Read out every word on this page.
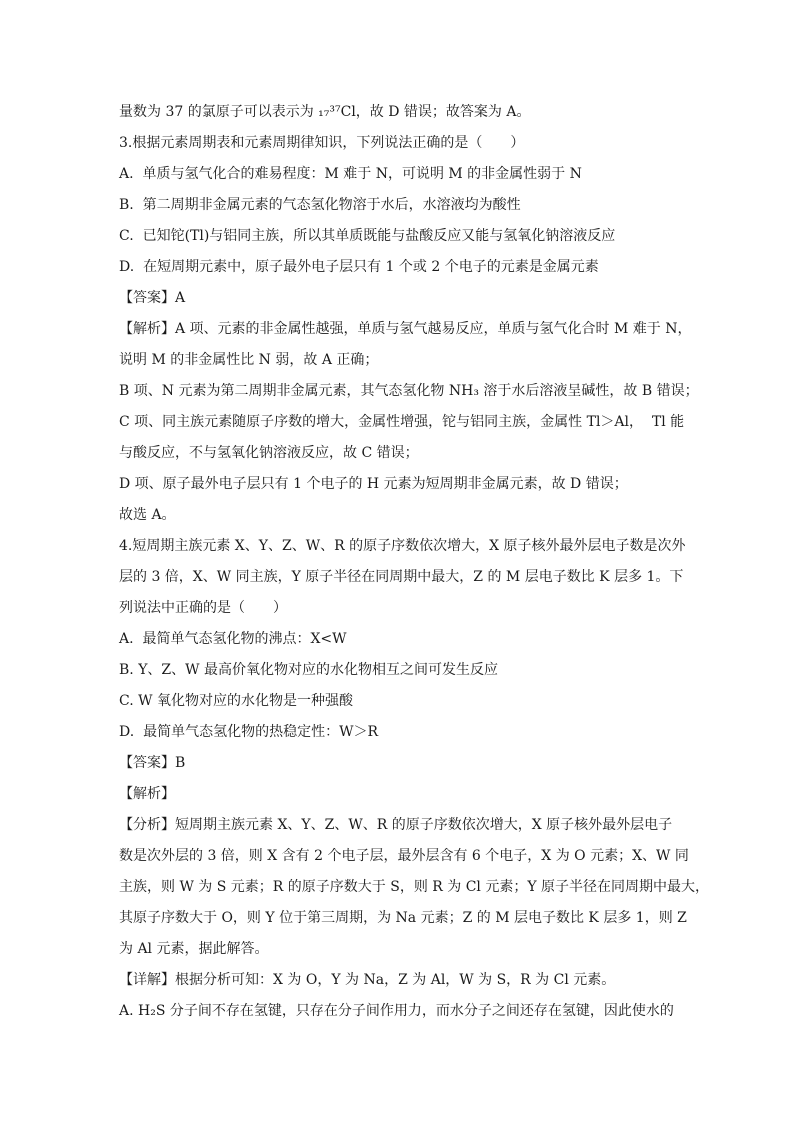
量数为 37 的氯原子可以表示为 ₁₇³⁷Cl，故 D 错误；故答案为 A。
3.根据元素周期表和元素周期律知识，下列说法正确的是（　　）
A.  单质与氢气化合的难易程度：M 难于 N，可说明 M 的非金属性弱于 N
B.  第二周期非金属元素的气态氢化物溶于水后，水溶液均为酸性
C.  已知铊(Tl)与铝同主族，所以其单质既能与盐酸反应又能与氢氧化钠溶液反应
D.  在短周期元素中，原子最外电子层只有 1 个或 2 个电子的元素是金属元素
【答案】A
【解析】A 项、元素的非金属性越强，单质与氢气越易反应，单质与氢气化合时 M 难于 N，
说明 M 的非金属性比 N 弱，故 A 正确；
B 项、N 元素为第二周期非金属元素，其气态氢化物 NH₃ 溶于水后溶液呈碱性，故 B 错误；
C 项、同主族元素随原子序数的增大，金属性增强，铊与铝同主族，金属性 Tl＞Al，  Tl 能
与酸反应，不与氢氧化钠溶液反应，故 C 错误；
D 项、原子最外电子层只有 1 个电子的 H 元素为短周期非金属元素，故 D 错误；
故选 A。
4.短周期主族元素 X、Y、Z、W、R 的原子序数依次增大，X 原子核外最外层电子数是次外
层的 3 倍，X、W 同主族，Y 原子半径在同周期中最大，Z 的 M 层电子数比 K 层多 1。下
列说法中正确的是（　　）
A.  最简单气态氢化物的沸点：X<W
B. Y、Z、W 最高价氧化物对应的水化物相互之间可发生反应
C. W 氧化物对应的水化物是一种强酸
D.  最简单气态氢化物的热稳定性：W＞R
【答案】B
【解析】
【分析】短周期主族元素 X、Y、Z、W、R 的原子序数依次增大，X 原子核外最外层电子
数是次外层的 3 倍，则 X 含有 2 个电子层，最外层含有 6 个电子，X 为 O 元素；X、W 同
主族，则 W 为 S 元素；R 的原子序数大于 S，则 R 为 Cl 元素；Y 原子半径在同周期中最大，
其原子序数大于 O，则 Y 位于第三周期，为 Na 元素；Z 的 M 层电子数比 K 层多 1，则 Z
为 Al 元素，据此解答。
【详解】根据分析可知：X 为 O，Y 为 Na，Z 为 Al，W 为 S，R 为 Cl 元素。
A. H₂S 分子间不存在氢键，只存在分子间作用力，而水分子之间还存在氢键，因此使水的
